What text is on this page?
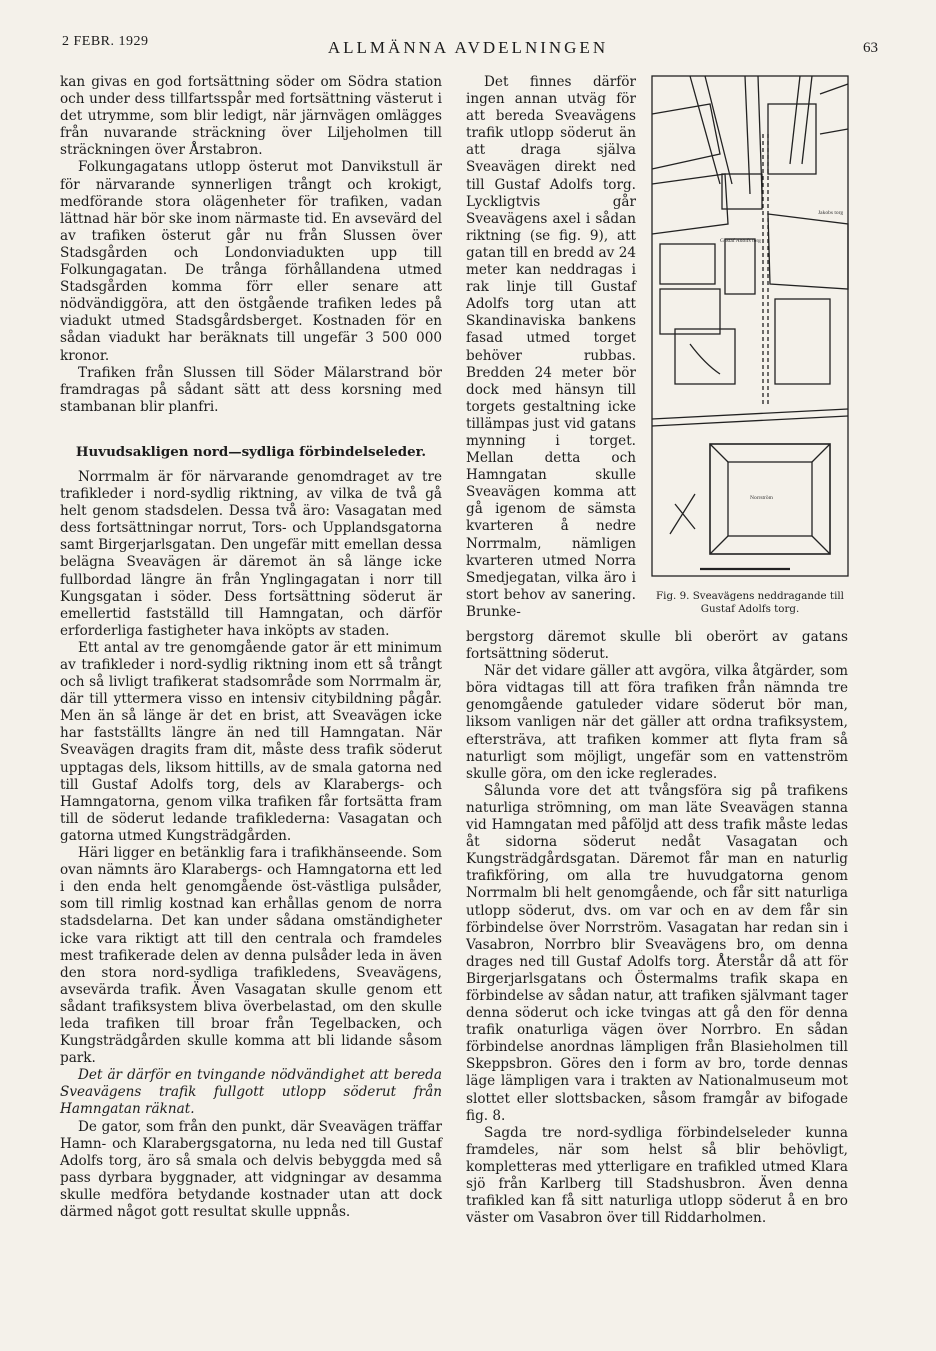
2 FEBR. 1929	ALLMÄNNA AVDELNINGEN	63

kan givas en god fortsättning söder om Södra station och under dess tillfartsspår med fortsättning västerut i det utrymme, som blir ledigt, när järnvägen omlägges från nuvarande sträckning över Liljeholmen till sträckningen över Årstabron.

Folkungagatans utlopp österut mot Danvikstull är för närvarande synnerligen trångt och krokigt, medförande stora olägenheter för trafiken, vadan lättnad här bör ske inom närmaste tid. En avsevärd del av trafiken österut går nu från Slussen över Stadsgården och Londonviadukten upp till Folkungagatan. De trånga förhållandena utmed Stadsgården komma förr eller senare att nödvändiggöra, att den östgående trafiken ledes på viadukt utmed Stadsgårdsberget. Kostnaden för en sådan viadukt har beräknats till ungefär 3 500 000 kronor.

Trafiken från Slussen till Söder Mälarstrand bör framdragas på sådant sätt att dess korsning med stambanan blir planfri.

Huvudsakligen nord—sydliga förbindelseleder.

Norrmalm är för närvarande genomdraget av tre trafikleder i nord-sydlig riktning, av vilka de två gå helt genom stadsdelen. Dessa två äro: Vasagatan med dess fortsättningar norrut, Tors- och Upplandsgatorna samt Birgerjarlsgatan. Den ungefär mitt emellan dessa belägna Sveavägen är däremot än så länge icke fullbordad längre än från Ynglingagatan i norr till Kungsgatan i söder. Dess fortsättning söderut är emellertid fastställd till Hamngatan, och därför erforderliga fastigheter hava inköpts av staden.

Ett antal av tre genomgående gator är ett minimum av trafikleder i nord-sydlig riktning inom ett så trångt och så livligt trafikerat stadsområde som Norrmalm är, där till yttermera visso en intensiv citybildning pågår. Men än så länge är det en brist, att Sveavägen icke har fastställts längre än ned till Hamngatan. När Sveavägen dragits fram dit, måste dess trafik söderut upptagas dels, liksom hittills, av de smala gatorna ned till Gustaf Adolfs torg, dels av Klarabergs- och Hamngatorna, genom vilka trafiken får fortsätta fram till de söderut ledande trafiklederna: Vasagatan och gatorna utmed Kungsträdgården.

Häri ligger en betänklig fara i trafikhänseende. Som ovan nämnts äro Klarabergs- och Hamngatorna ett led i den enda helt genomgående öst-västliga pulsåder, som till rimlig kostnad kan erhållas genom de norra stadsdelarna. Det kan under sådana omständigheter icke vara riktigt att till den centrala och framdeles mest trafikerade delen av denna pulsåder leda in även den stora nord-sydliga trafikledens, Sveavägens, avsevärda trafik. Även Vasagatan skulle genom ett sådant trafiksystem bliva överbelastad, om den skulle leda trafiken till broar från Tegelbacken, och Kungsträdgården skulle komma att bli lidande såsom park.

Det är därför en tvingande nödvändighet att bereda Sveavägens trafik fullgott utlopp söderut från Hamngatan räknat.

De gator, som från den punkt, där Sveavägen träffar Hamn- och Klarabergsgatorna, nu leda ned till Gustaf Adolfs torg, äro så smala och delvis bebyggda med så pass dyrbara byggnader, att vidgningar av desamma skulle medföra betydande kostnader utan att dock därmed något gott resultat skulle uppnås.

Det finnes därför ingen annan utväg för att bereda Sveavägens trafik utlopp söderut än att draga själva Sveavägen direkt ned till Gustaf Adolfs torg. Lyckligtvis går Sveavägens axel i sådan riktning (se fig. 9), att gatan till en bredd av 24 meter kan neddragas i rak linje till Gustaf Adolfs torg utan att Skandinaviska bankens fasad utmed torget behöver rubbas. Bredden 24 meter bör dock med hänsyn till torgets gestaltning icke tillämpas just vid gatans mynning i torget. Mellan detta och Hamngatan skulle Sveavägen komma att gå igenom de sämsta kvarteren å nedre Norrmalm, nämligen kvarteren utmed Norra Smedjegatan, vilka äro i stort behov av sanering. Brunke-

Gustaf Adolfs torg
Jakobs torg
Norrström
Fig. 9. Sveavägens neddragande till Gustaf Adolfs torg.

bergstorg däremot skulle bli oberört av gatans fortsättning söderut.

När det vidare gäller att avgöra, vilka åtgärder, som böra vidtagas till att föra trafiken från nämnda tre genomgående gatuleder vidare söderut bör man, liksom vanligen när det gäller att ordna trafiksystem, eftersträva, att trafiken kommer att flyta fram så naturligt som möjligt, ungefär som en vattenström skulle göra, om den icke reglerades.

Sålunda vore det att tvångsföra sig på trafikens naturliga strömning, om man läte Sveavägen stanna vid Hamngatan med påföljd att dess trafik måste ledas åt sidorna söderut nedåt Vasagatan och Kungsträdgårdsgatan. Däremot får man en naturlig trafikföring, om alla tre huvudgatorna genom Norrmalm bli helt genomgående, och får sitt naturliga utlopp söderut, dvs. om var och en av dem får sin förbindelse över Norrström. Vasagatan har redan sin i Vasabron, Norrbro blir Sveavägens bro, om denna drages ned till Gustaf Adolfs torg. Återstår då att för Birgerjarlsgatans och Östermalms trafik skapa en förbindelse av sådan natur, att trafiken självmant tager denna söderut och icke tvingas att gå den för denna trafik onaturliga vägen över Norrbro. En sådan förbindelse anordnas lämpligen från Blasieholmen till Skeppsbron. Göres den i form av bro, torde dennas läge lämpligen vara i trakten av Nationalmuseum mot slottet eller slottsbacken, såsom framgår av bifogade fig. 8.

Sagda tre nord-sydliga förbindelseleder kunna framdeles, när som helst så blir behövligt, kompletteras med ytterligare en trafikled utmed Klara sjö från Karlberg till Stadshusbron. Även denna trafikled kan få sitt naturliga utlopp söderut å en bro väster om Vasabron över till Riddarholmen.
